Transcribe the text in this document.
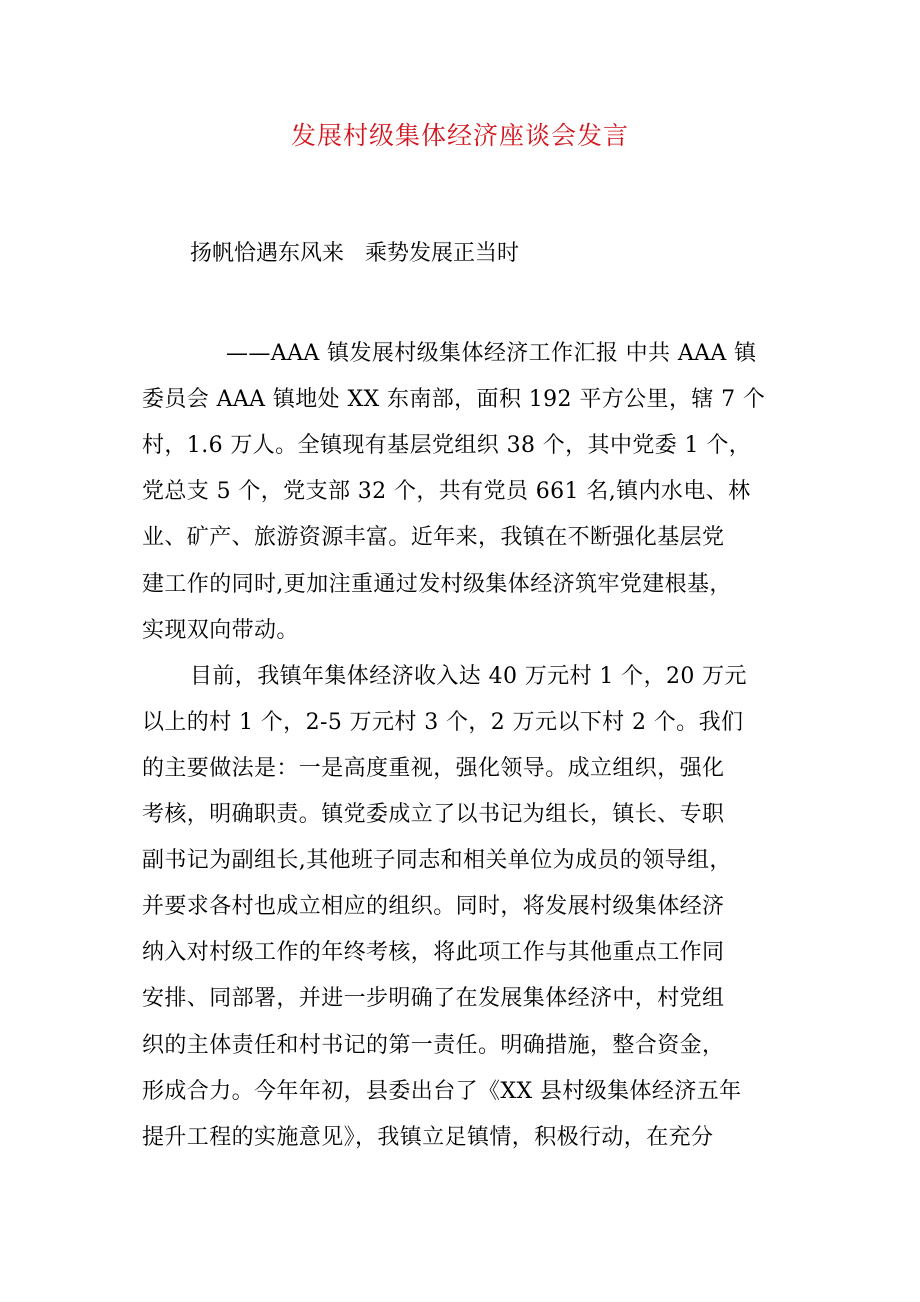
发展村级集体经济座谈会发言
扬帆恰遇东风来   乘势发展正当时
——AAA 镇发展村级集体经济工作汇报 中共 AAA 镇
委员会 AAA 镇地处 XX 东南部，面积 192 平方公里，辖 7 个
村，1.6 万人。全镇现有基层党组织 38 个，其中党委 1 个，
党总支 5 个，党支部 32 个，共有党员 661 名,镇内水电、林
业、矿产、旅游资源丰富。近年来，我镇在不断强化基层党
建工作的同时,更加注重通过发村级集体经济筑牢党建根基，
实现双向带动。
目前，我镇年集体经济收入达 40 万元村 1 个，20 万元
以上的村 1 个，2-5 万元村 3 个，2 万元以下村 2 个。我们
的主要做法是：一是高度重视，强化领导。成立组织，强化
考核，明确职责。镇党委成立了以书记为组长，镇长、专职
副书记为副组长,其他班子同志和相关单位为成员的领导组，
并要求各村也成立相应的组织。同时，将发展村级集体经济
纳入对村级工作的年终考核，将此项工作与其他重点工作同
安排、同部署，并进一步明确了在发展集体经济中，村党组
织的主体责任和村书记的第一责任。明确措施，整合资金，
形成合力。今年年初，县委出台了《XX 县村级集体经济五年
提升工程的实施意见》，我镇立足镇情，积极行动，在充分
